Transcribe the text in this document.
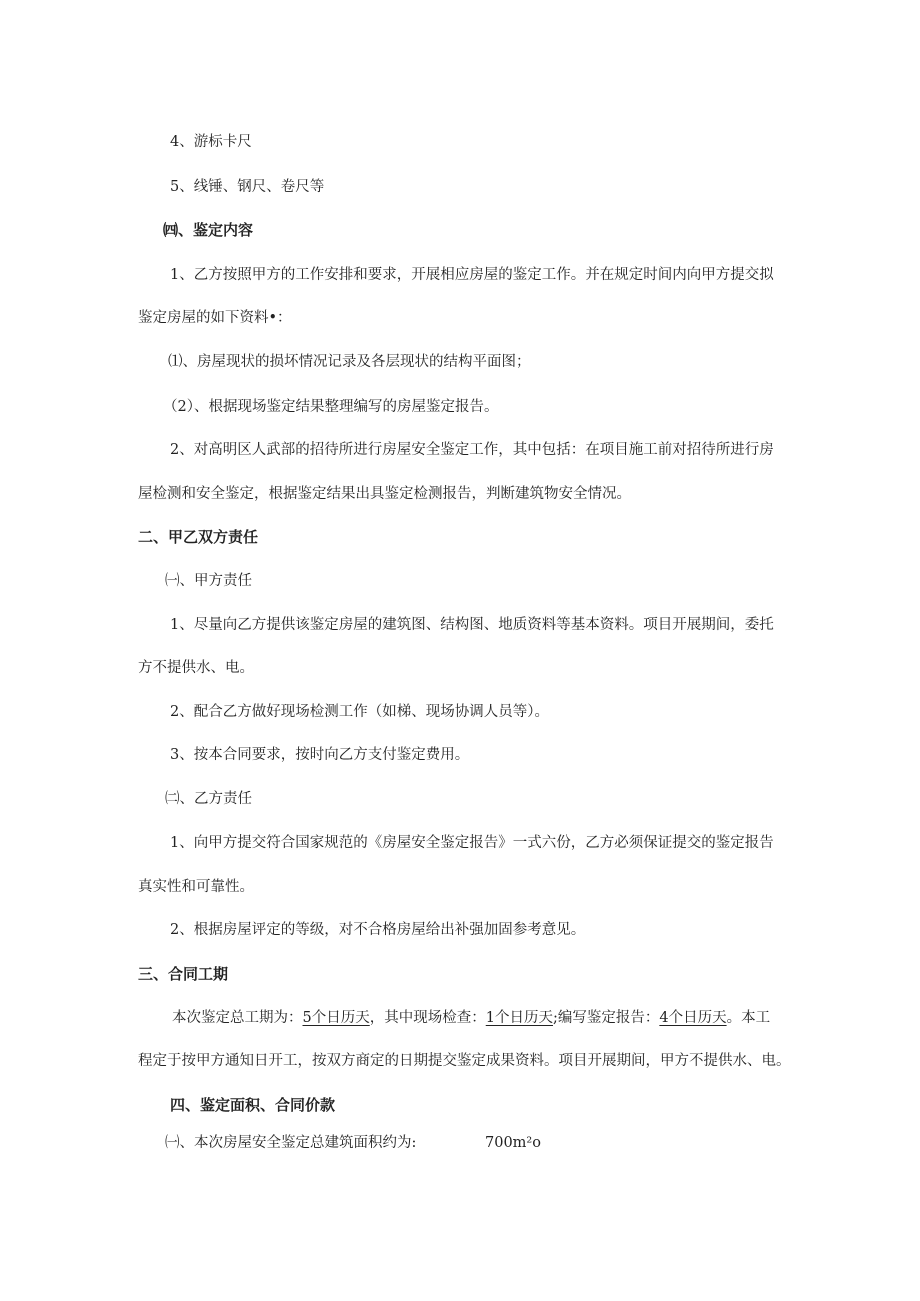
4、游标卡尺
5、线锤、钢尺、卷尺等
㈣、鉴定内容
1、乙方按照甲方的工作安排和要求，开展相应房屋的鉴定工作。并在规定时间内向甲方提交拟
鉴定房屋的如下资料•：
⑴、房屋现状的损坏情况记录及各层现状的结构平面图；
（2）、根据现场鉴定结果整理编写的房屋鉴定报告。
2、对高明区人武部的招待所进行房屋安全鉴定工作，其中包括：在项目施工前对招待所进行房
屋检测和安全鉴定，根据鉴定结果出具鉴定检测报告，判断建筑物安全情况。
二、甲乙双方责任
㈠、甲方责任
1、尽量向乙方提供该鉴定房屋的建筑图、结构图、地质资料等基本资料。项目开展期间，委托
方不提供水、电。
2、配合乙方做好现场检测工作（如梯、现场协调人员等）。
3、按本合同要求，按时向乙方支付鉴定费用。
㈡、乙方责任
1、向甲方提交符合国家规范的《房屋安全鉴定报告》一式六份，乙方必须保证提交的鉴定报告
真实性和可靠性。
2、根据房屋评定的等级，对不合格房屋给出补强加固参考意见。
三、合同工期
本次鉴定总工期为：5个日历天，其中现场检查：1个日历天;编写鉴定报告：4个日历天。本工
程定于按甲方通知日开工，按双方商定的日期提交鉴定成果资料。项目开展期间，甲方不提供水、电。
四、鉴定面积、合同价款
㈠、本次房屋安全鉴定总建筑面积约为:	700m²o
